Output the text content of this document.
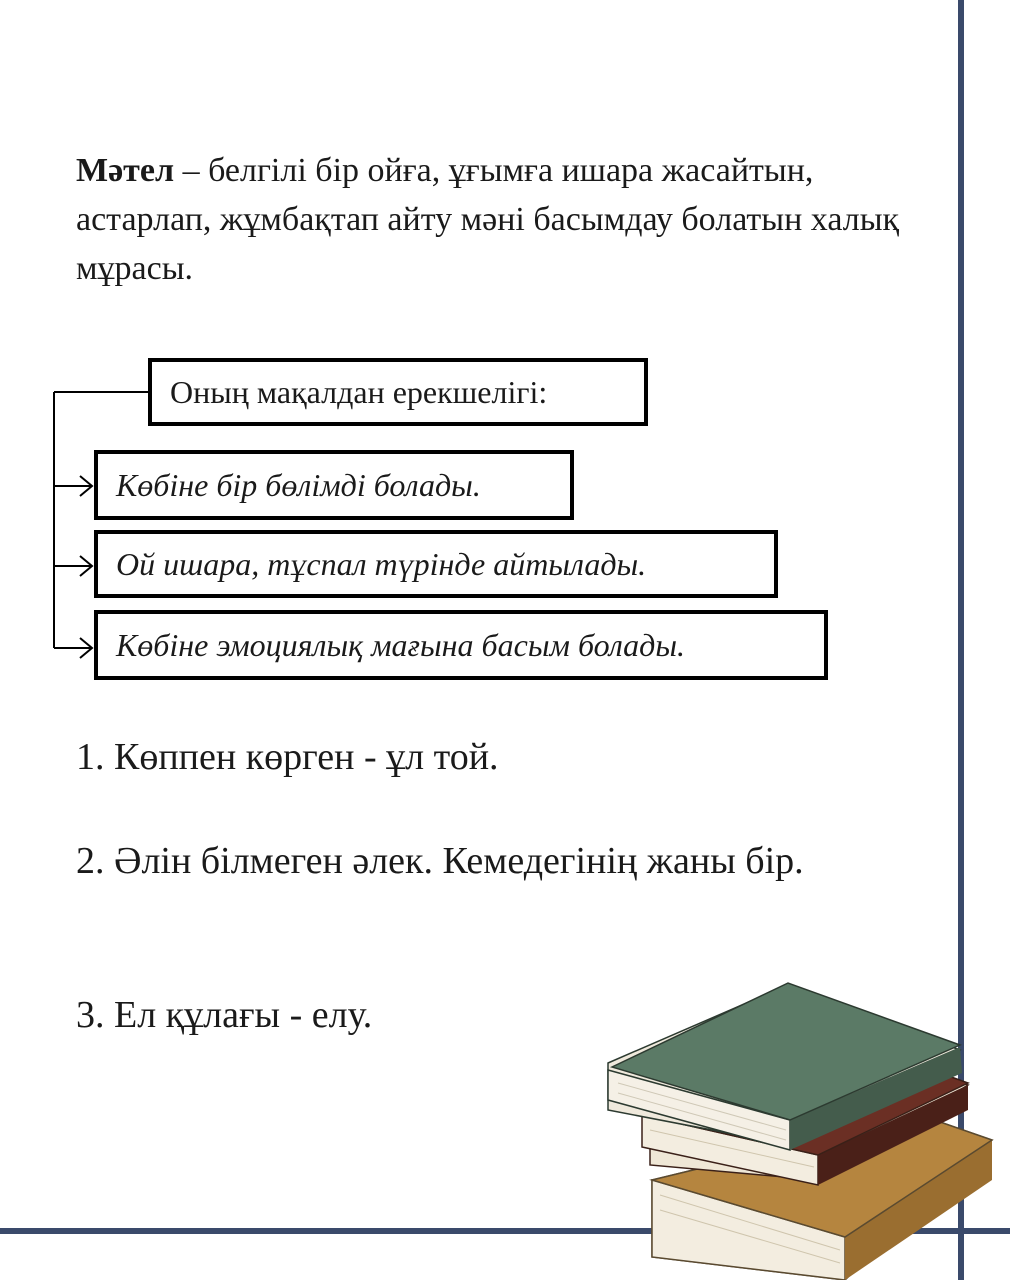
Мәтел – белгілі бір ойға, ұғымға ишара жасайтын, астарлап, жұмбақтап айту мәні басымдау болатын халық мұрасы.

Оның мақалдан ерекшелігі:
Көбіне бір бөлімді болады.
Ой ишара, тұспал түрінде айтылады.
Көбіне эмоциялық мағына басым болады.

1. Көппен көрген - ұл той.

2. Әлін білмеген әлек. Кемедегінің жаны бір.

3. Ел құлағы - елу.
